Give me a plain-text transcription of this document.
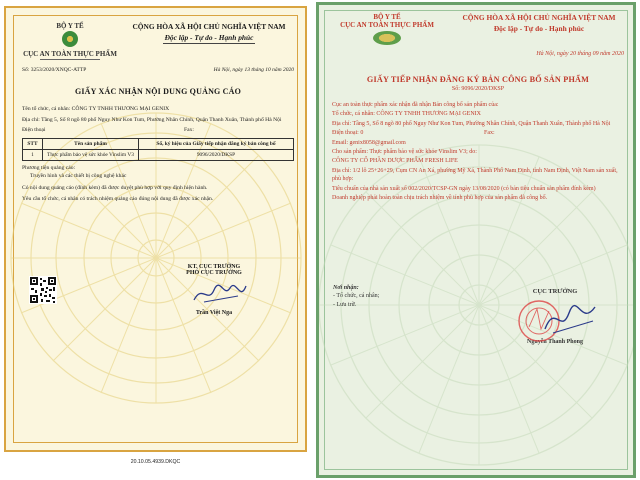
BỘ Y TẾ
CỤC AN TOÀN THỰC PHẨM
CỘNG HÒA XÃ HỘI CHỦ NGHĨA VIỆT NAM
Độc lập - Tự do - Hạnh phúc
Số: 3253/2020/XNQC-ATTP	Hà Nội, ngày 13 tháng 10 năm 2020
GIẤY XÁC NHẬN NỘI DUNG QUẢNG CÁO
Tên tổ chức, cá nhân: CÔNG TY TNHH THƯƠNG MẠI GENIX
Địa chỉ: Tầng 5, Số 8 ngõ 80 phố Nguy Như Kon Tum, Phường Nhân Chính, Quận Thanh Xuân, Thành phố Hà Nội
Điện thoại	Fax:
STT	Tên sản phẩm	Số, ký hiệu của Giấy tiếp nhận đăng ký bản công bố
1	Thực phẩm bảo vệ sức khỏe Vinslim V3	9096/2020/DKSP
Phương tiện quảng cáo:
Truyền hình và các thiết bị công nghệ khác
Có nội dung quảng cáo (đính kèm) đã được duyệt phù hợp với quy định hiện hành.
Yêu cầu tổ chức, cá nhân có trách nhiệm quảng cáo đúng nội dung đã được xác nhận.
KT. CỤC TRƯỞNG
PHÓ CỤC TRƯỞNG
Trần Việt Nga
20.10.05.4939.DKQC
BỘ Y TẾ
CỤC AN TOÀN THỰC PHẨM
CỘNG HÒA XÃ HỘI CHỦ NGHĨA VIỆT NAM
Độc lập - Tự do - Hạnh phúc
Hà Nội, ngày 20 tháng 09 năm 2020
GIẤY TIẾP NHẬN ĐĂNG KÝ BẢN CÔNG BỐ SẢN PHẨM
Số: 9096/2020/DKSP
Cục an toàn thực phẩm xác nhận đã nhận Bản công bố sản phẩm của:
Tổ chức, cá nhân: CÔNG TY TNHH THƯƠNG MẠI GENIX
Địa chỉ: Tầng 5, Số 8 ngõ 80 phố Nguy Như Kon Tum, Phường Nhân Chính, Quận Thanh Xuân, Thành phố Hà Nội
Điện thoại: 0	Fax:
Email: genix8058@gmail.com
Cho sản phẩm: Thực phẩm bảo vệ sức khỏe Vinslim V3; do:
CÔNG TY CỔ PHẦN DƯỢC PHẨM FRESH LIFE
Địa chỉ: 1/2 lô 25+26+29, Cụm CN An Xá, phường Mỹ Xá, Thành Phố Nam Định, tỉnh Nam Định, Việt Nam sản xuất, phù hợp:
Tiêu chuẩn của nhà sản xuất số 002/2020/TCSP-GN ngày 13/08/2020 (có bản tiêu chuẩn sản phẩm đính kèm)
Doanh nghiệp phải hoàn toàn chịu trách nhiệm về tính phù hợp của sản phẩm đã công bố.
Nơi nhận:
- Tổ chức, cá nhân;
- Lưu trữ.
CỤC TRƯỞNG
Nguyễn Thanh Phong
